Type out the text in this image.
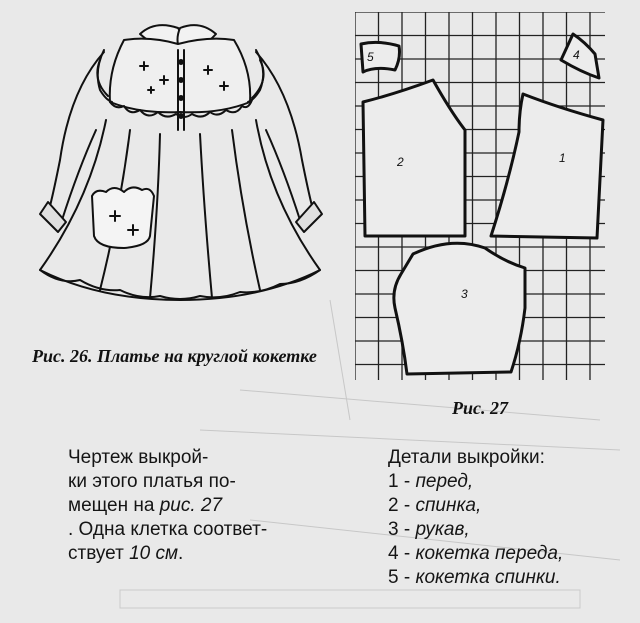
Рис. 26. Платье на круглой кокетке
5	4
2	1
3
Рис. 27
Чертеж выкрой-
ки этого платья по-
мещен на рис. 27
. Одна клетка соответ-
ствует 10 см.
Детали выкройки:
1 - перед,
2 - спинка,
3 - рукав,
4 - кокетка переда,
5 - кокетка спинки.
